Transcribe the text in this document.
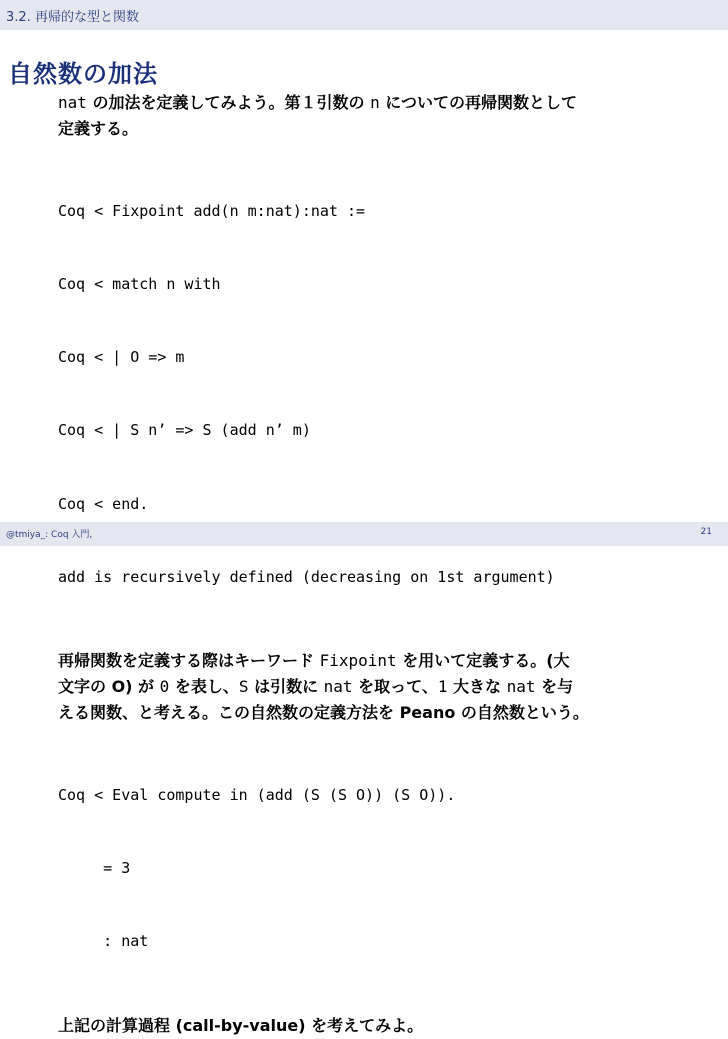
3.2. 再帰的な型と関数
自然数の加法
nat の加法を定義してみよう。第１引数の n についての再帰関数として
定義する。

Coq < Fixpoint add(n m:nat):nat :=

Coq < match n with

Coq < | O => m

Coq < | S n’ => S (add n’ m)

Coq < end.

add is recursively defined (decreasing on 1st argument)

再帰関数を定義する際はキーワード Fixpoint を用いて定義する。(大
文字の O) が 0 を表し、S は引数に nat を取って、1 大きな nat を与
える関数、と考える。この自然数の定義方法を Peano の自然数という。

Coq < Eval compute in (add (S (S O)) (S O)).

= 3

: nat

上記の計算過程 (call-by-value) を考えてみよ。
@tmiya_: Coq 入門,	21
